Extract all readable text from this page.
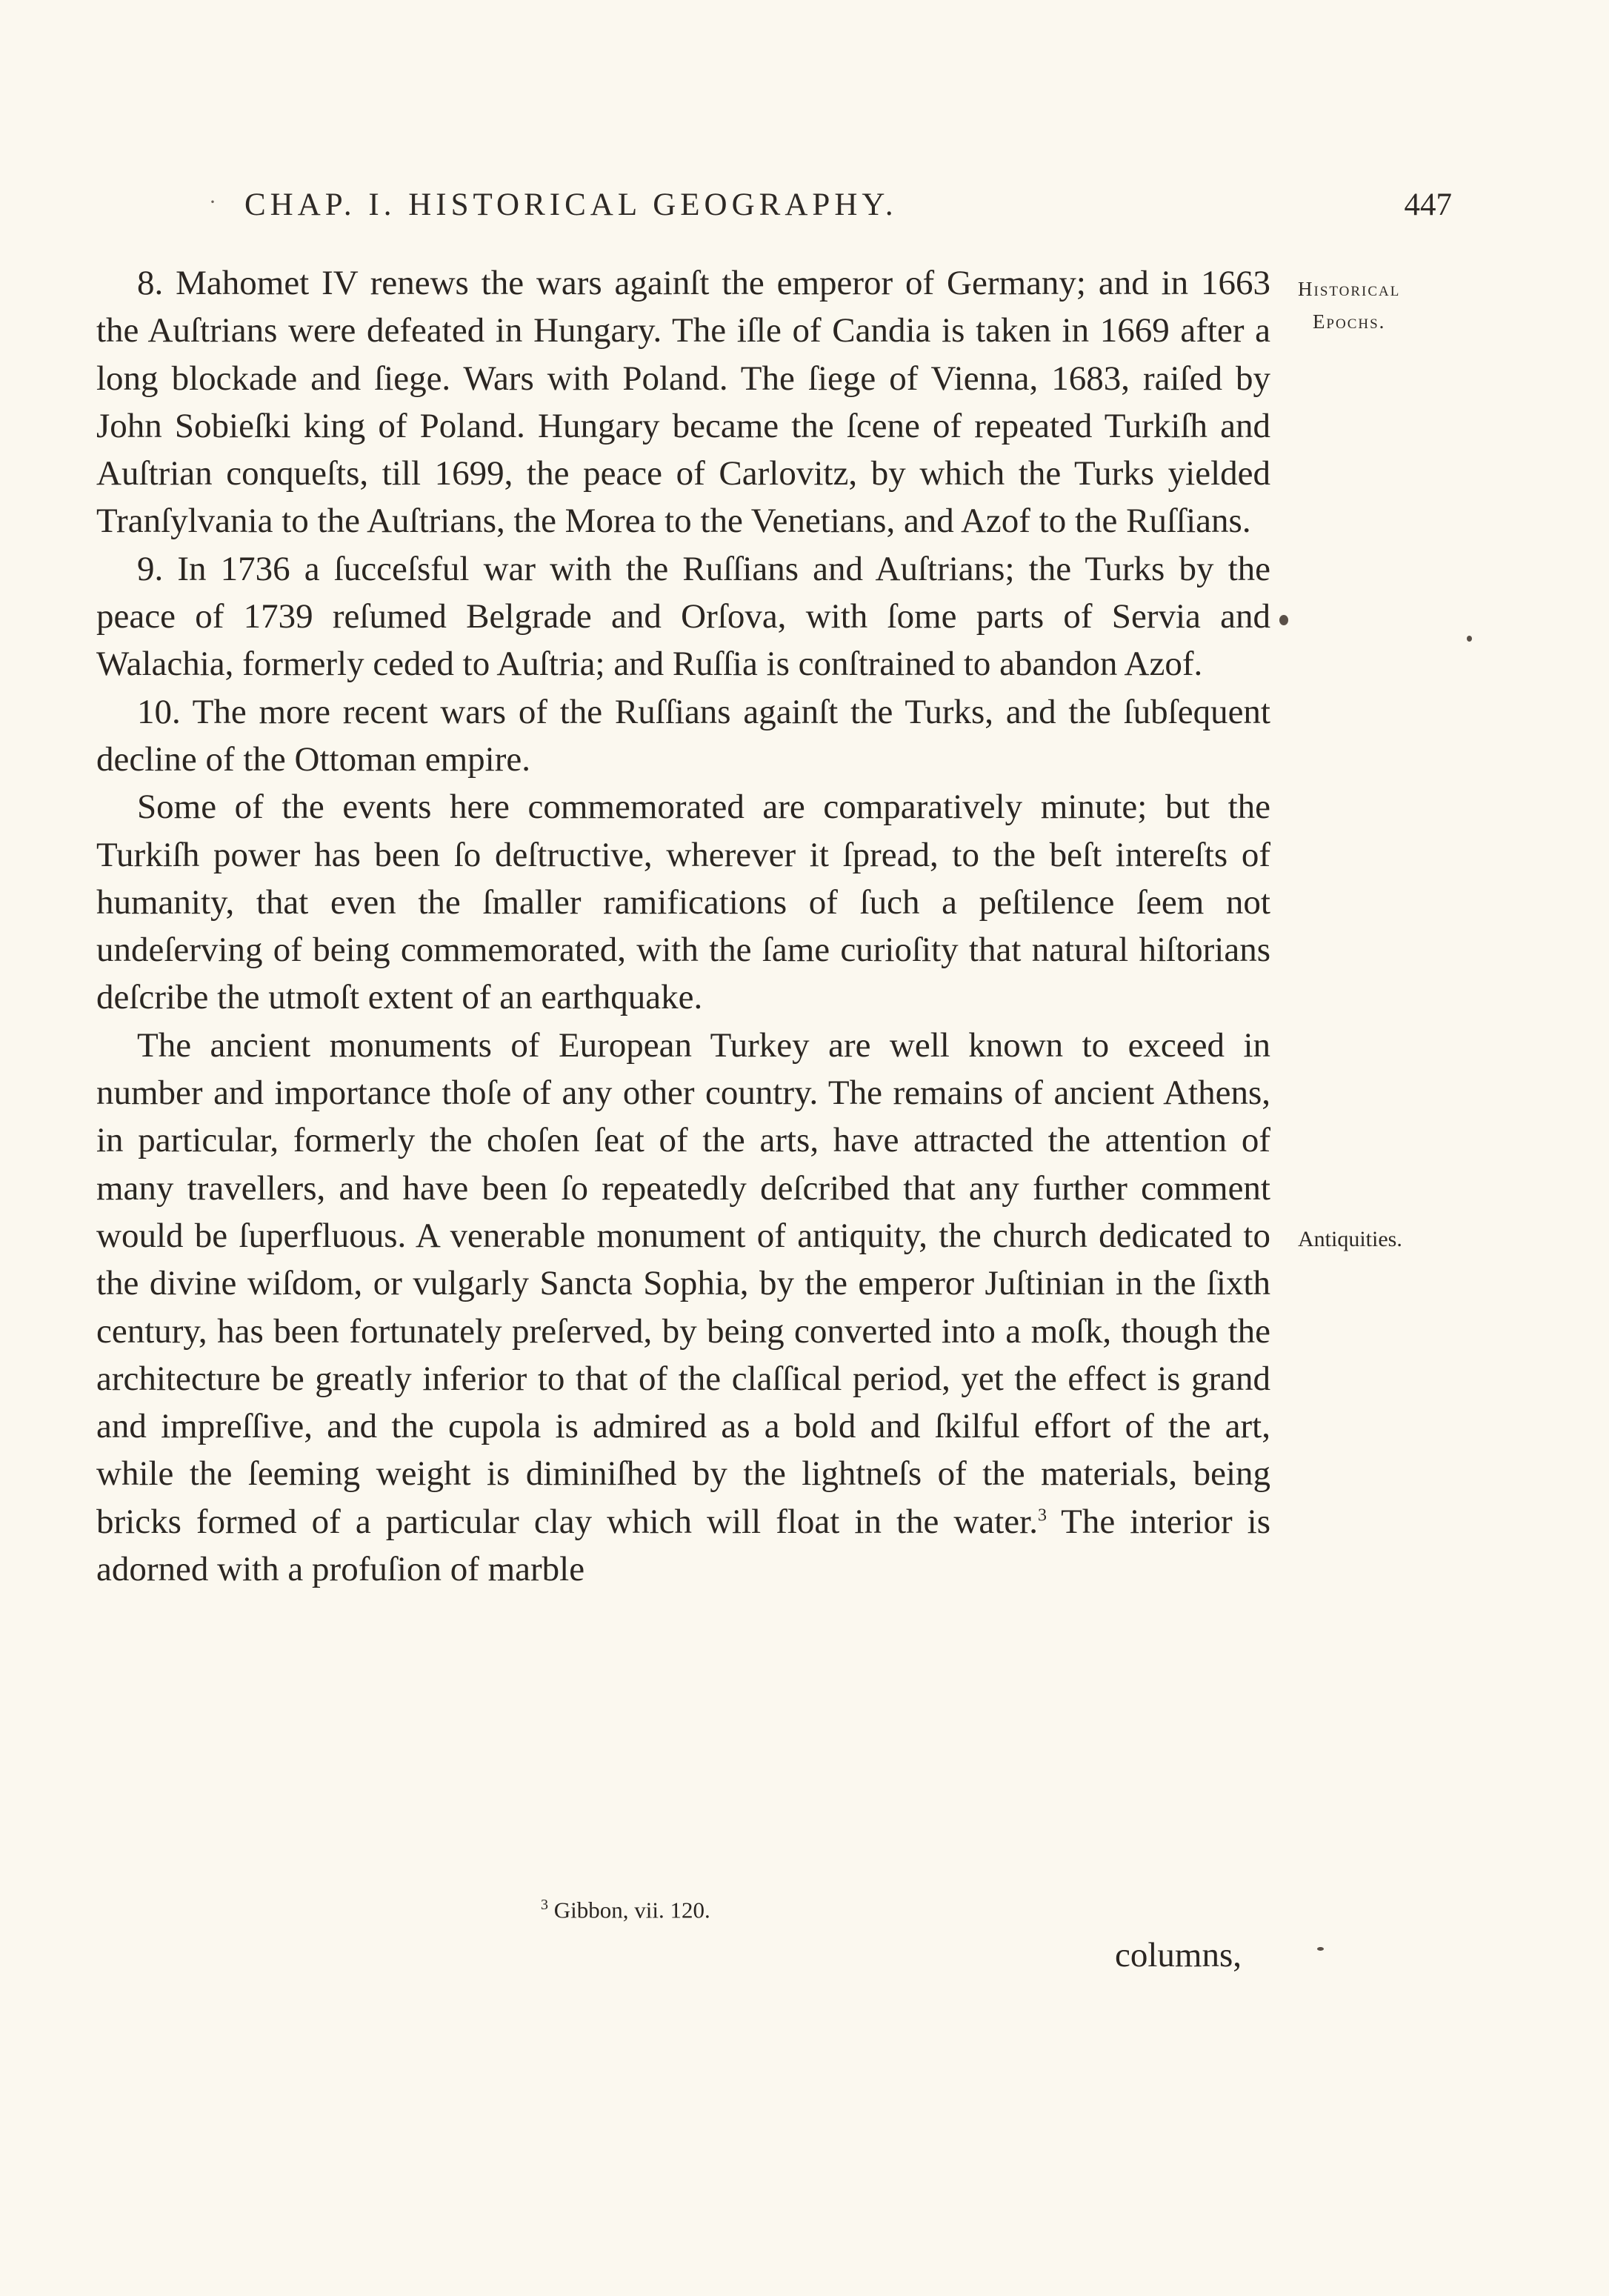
· CHAP. I. HISTORICAL GEOGRAPHY.	447
Historical
Epochs.
Antiquities.

8. Mahomet IV renews the wars againſt the emperor of Germany; and in 1663 the Auſtrians were defeated in Hungary. The iſle of Candia is taken in 1669 after a long blockade and ſiege. Wars with Poland. The ſiege of Vienna, 1683, raiſed by John Sobieſki king of Poland. Hungary became the ſcene of repeated Turkiſh and Auſtrian conqueſts, till 1699, the peace of Carlovitz, by which the Turks yielded Tranſylvania to the Auſtrians, the Morea to the Venetians, and Azof to the Ruſſians.

9. In 1736 a ſucceſsful war with the Ruſſians and Auſtrians; the Turks by the peace of 1739 reſumed Belgrade and Orſova, with ſome parts of Servia and Walachia, formerly ceded to Auſtria; and Ruſſia is conſtrained to abandon Azof.

10. The more recent wars of the Ruſſians againſt the Turks, and the ſubſequent decline of the Ottoman empire.

Some of the events here commemorated are comparatively minute; but the Turkiſh power has been ſo deſtructive, wherever it ſpread, to the beſt intereſts of humanity, that even the ſmaller ramifications of ſuch a peſtilence ſeem not undeſerving of being commemorated, with the ſame curioſity that natural hiſtorians deſcribe the utmoſt extent of an earthquake.

The ancient monuments of European Turkey are well known to exceed in number and importance thoſe of any other country. The remains of ancient Athens, in particular, formerly the choſen ſeat of the arts, have attracted the attention of many travellers, and have been ſo repeatedly deſcribed that any further comment would be ſuperfluous. A venerable monument of antiquity, the church dedicated to the divine wiſdom, or vulgarly Sancta Sophia, by the emperor Juſtinian in the ſixth century, has been fortunately preſerved, by being converted into a moſk, though the architecture be greatly inferior to that of the claſſical period, yet the effect is grand and impreſſive, and the cupola is admired as a bold and ſkilful effort of the art, while the ſeeming weight is diminiſhed by the lightneſs of the materials, being bricks formed of a particular clay which will float in the water.$^3$ The interior is adorned with a profuſion of marble

$^3$ Gibbon, vii. 120.
columns,
